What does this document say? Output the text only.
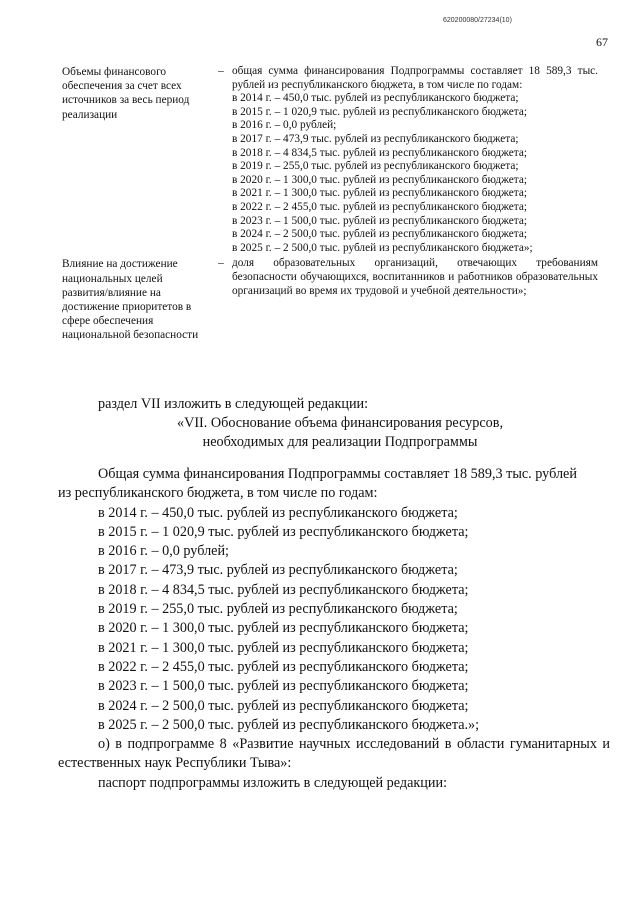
620200080/27234(10)
67
Объемы финансового обеспечения за счет всех источников за весь период реализации
– общая сумма финансирования Подпрограммы составляет 18 589,3 тыс. рублей из республиканского бюджета, в том числе по годам:
в 2014 г. – 450,0 тыс. рублей из республиканского бюджета;
в 2015 г. – 1 020,9 тыс. рублей из республиканского бюджета;
в 2016 г. – 0,0 рублей;
в 2017 г. – 473,9 тыс. рублей из республиканского бюджета;
в 2018 г. – 4 834,5 тыс. рублей из республиканского бюджета;
в 2019 г. – 255,0 тыс. рублей из республиканского бюджета;
в 2020 г. – 1 300,0 тыс. рублей из республиканского бюджета;
в 2021 г. – 1 300,0 тыс. рублей из республиканского бюджета;
в 2022 г. – 2 455,0 тыс. рублей из республиканского бюджета;
в 2023 г. – 1 500,0 тыс. рублей из республиканского бюджета;
в 2024 г. – 2 500,0 тыс. рублей из республиканского бюджета;
в 2025 г. – 2 500,0 тыс. рублей из республиканского бюджета»;
Влияние на достижение национальных целей развития/влияние на достижение приоритетов в сфере обеспечения национальной безопасности
– доля образовательных организаций, отвечающих требованиям безопасности обучающихся, воспитанников и работников образовательных организаций во время их трудовой и учебной деятельности»;

раздел VII изложить в следующей редакции:

«VII. Обоснование объема финансирования ресурсов,
необходимых для реализации Подпрограммы
Общая сумма финансирования Подпрограммы составляет 18 589,3 тыс. рублей
из республиканского бюджета, в том числе по годам:
в 2014 г. – 450,0 тыс. рублей из республиканского бюджета;
в 2015 г. – 1 020,9 тыс. рублей из республиканского бюджета;
в 2016 г. – 0,0 рублей;
в 2017 г. – 473,9 тыс. рублей из республиканского бюджета;
в 2018 г. – 4 834,5 тыс. рублей из республиканского бюджета;
в 2019 г. – 255,0 тыс. рублей из республиканского бюджета;
в 2020 г. – 1 300,0 тыс. рублей из республиканского бюджета;
в 2021 г. – 1 300,0 тыс. рублей из республиканского бюджета;
в 2022 г. – 2 455,0 тыс. рублей из республиканского бюджета;
в 2023 г. – 1 500,0 тыс. рублей из республиканского бюджета;
в 2024 г. – 2 500,0 тыс. рублей из республиканского бюджета;
в 2025 г. – 2 500,0 тыс. рублей из республиканского бюджета.»;
о) в подпрограмме 8 «Развитие научных исследований в области гуманитарных и естественных наук Республики Тыва»:
паспорт подпрограммы изложить в следующей редакции:
